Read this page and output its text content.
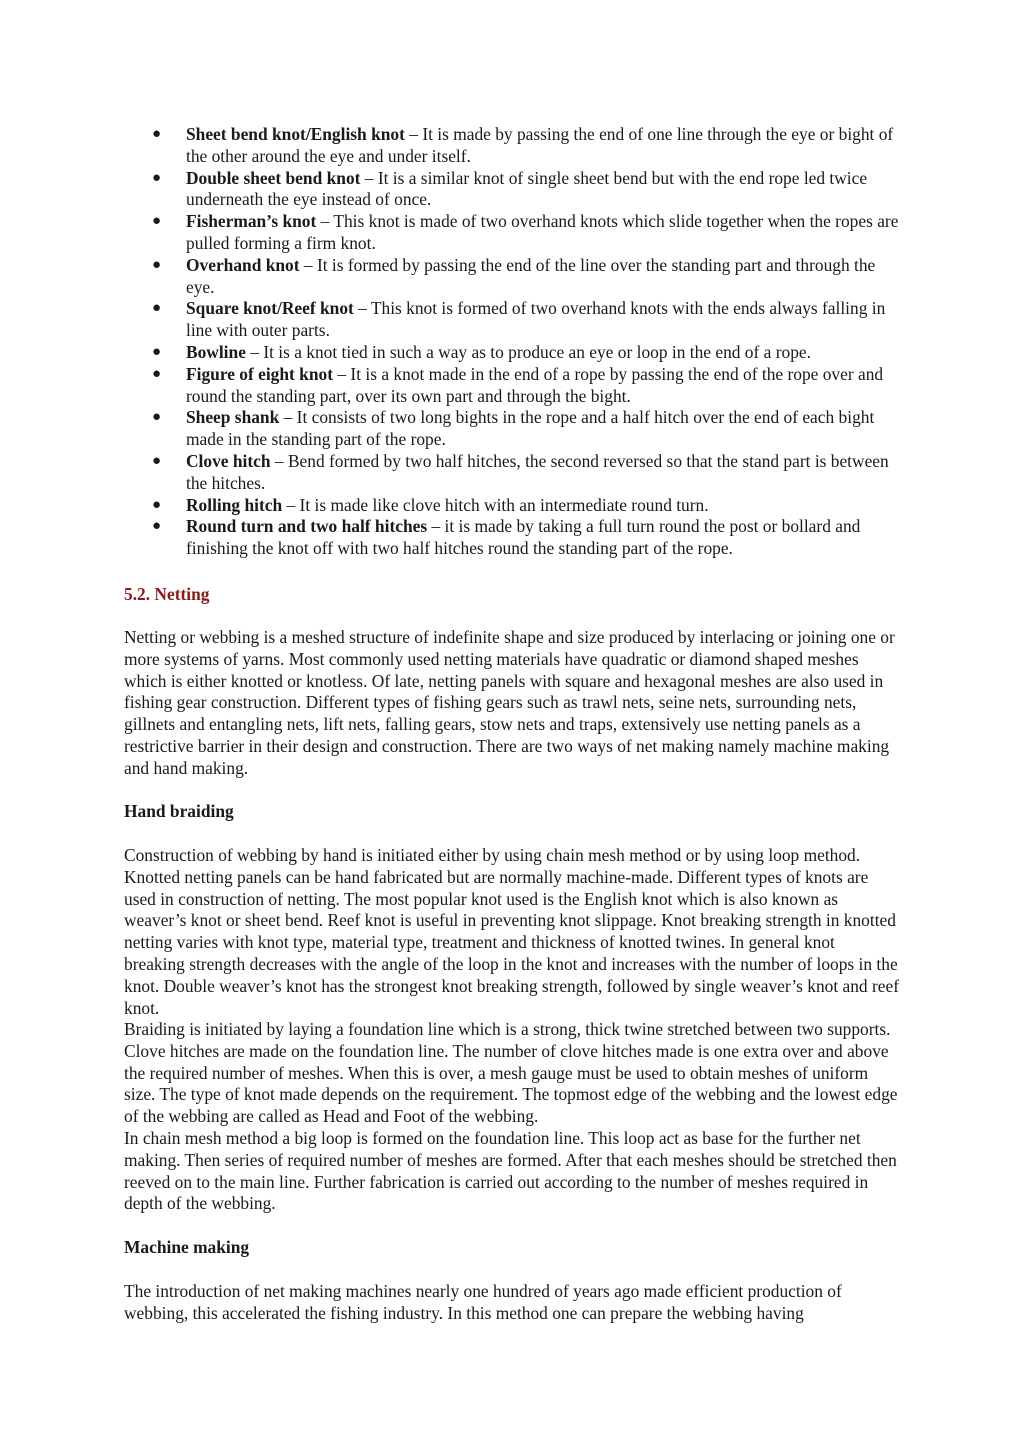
● Sheet bend knot/English knot – It is made by passing the end of one line through the eye or bight of the other around the eye and under itself.
● Double sheet bend knot – It is a similar knot of single sheet bend but with the end rope led twice underneath the eye instead of once.
● Fisherman’s knot – This knot is made of two overhand knots which slide together when the ropes are pulled forming a firm knot.
● Overhand knot – It is formed by passing the end of the line over the standing part and through the eye.
● Square knot/Reef knot – This knot is formed of two overhand knots with the ends always falling in line with outer parts.
● Bowline – It is a knot tied in such a way as to produce an eye or loop in the end of a rope.
● Figure of eight knot – It is a knot made in the end of a rope by passing the end of the rope over and round the standing part, over its own part and through the bight.
● Sheep shank – It consists of two long bights in the rope and a half hitch over the end of each bight made in the standing part of the rope.
● Clove hitch – Bend formed by two half hitches, the second reversed so that the stand part is between the hitches.
● Rolling hitch – It is made like clove hitch with an intermediate round turn.
● Round turn and two half hitches – it is made by taking a full turn round the post or bollard and finishing the knot off with two half hitches round the standing part of the rope.
5.2. Netting

Netting or webbing is a meshed structure of indefinite shape and size produced by interlacing or joining one or more systems of yarns. Most commonly used netting materials have quadratic or diamond shaped meshes which is either knotted or knotless. Of late, netting panels with square and hexagonal meshes are also used in fishing gear construction. Different types of fishing gears such as trawl nets, seine nets, surrounding nets, gillnets and entangling nets, lift nets, falling gears, stow nets and traps, extensively use netting panels as a restrictive barrier in their design and construction. There are two ways of net making namely machine making and hand making.

Hand braiding

Construction of webbing by hand is initiated either by using chain mesh method or by using loop method. Knotted netting panels can be hand fabricated but are normally machine-made. Different types of knots are used in construction of netting. The most popular knot used is the English knot which is also known as weaver’s knot or sheet bend. Reef knot is useful in preventing knot slippage. Knot breaking strength in knotted netting varies with knot type, material type, treatment and thickness of knotted twines. In general knot breaking strength decreases with the angle of the loop in the knot and increases with the number of loops in the knot. Double weaver’s knot has the strongest knot breaking strength, followed by single weaver’s knot and reef knot.

Braiding is initiated by laying a foundation line which is a strong, thick twine stretched between two supports. Clove hitches are made on the foundation line. The number of clove hitches made is one extra over and above the required number of meshes. When this is over, a mesh gauge must be used to obtain meshes of uniform size. The type of knot made depends on the requirement. The topmost edge of the webbing and the lowest edge of the webbing are called as Head and Foot of the webbing.

In chain mesh method a big loop is formed on the foundation line. This loop act as base for the further net making. Then series of required number of meshes are formed. After that each meshes should be stretched then reeved on to the main line. Further fabrication is carried out according to the number of meshes required in depth of the webbing.

Machine making

The introduction of net making machines nearly one hundred of years ago made efficient production of webbing, this accelerated the fishing industry. In this method one can prepare the webbing having
